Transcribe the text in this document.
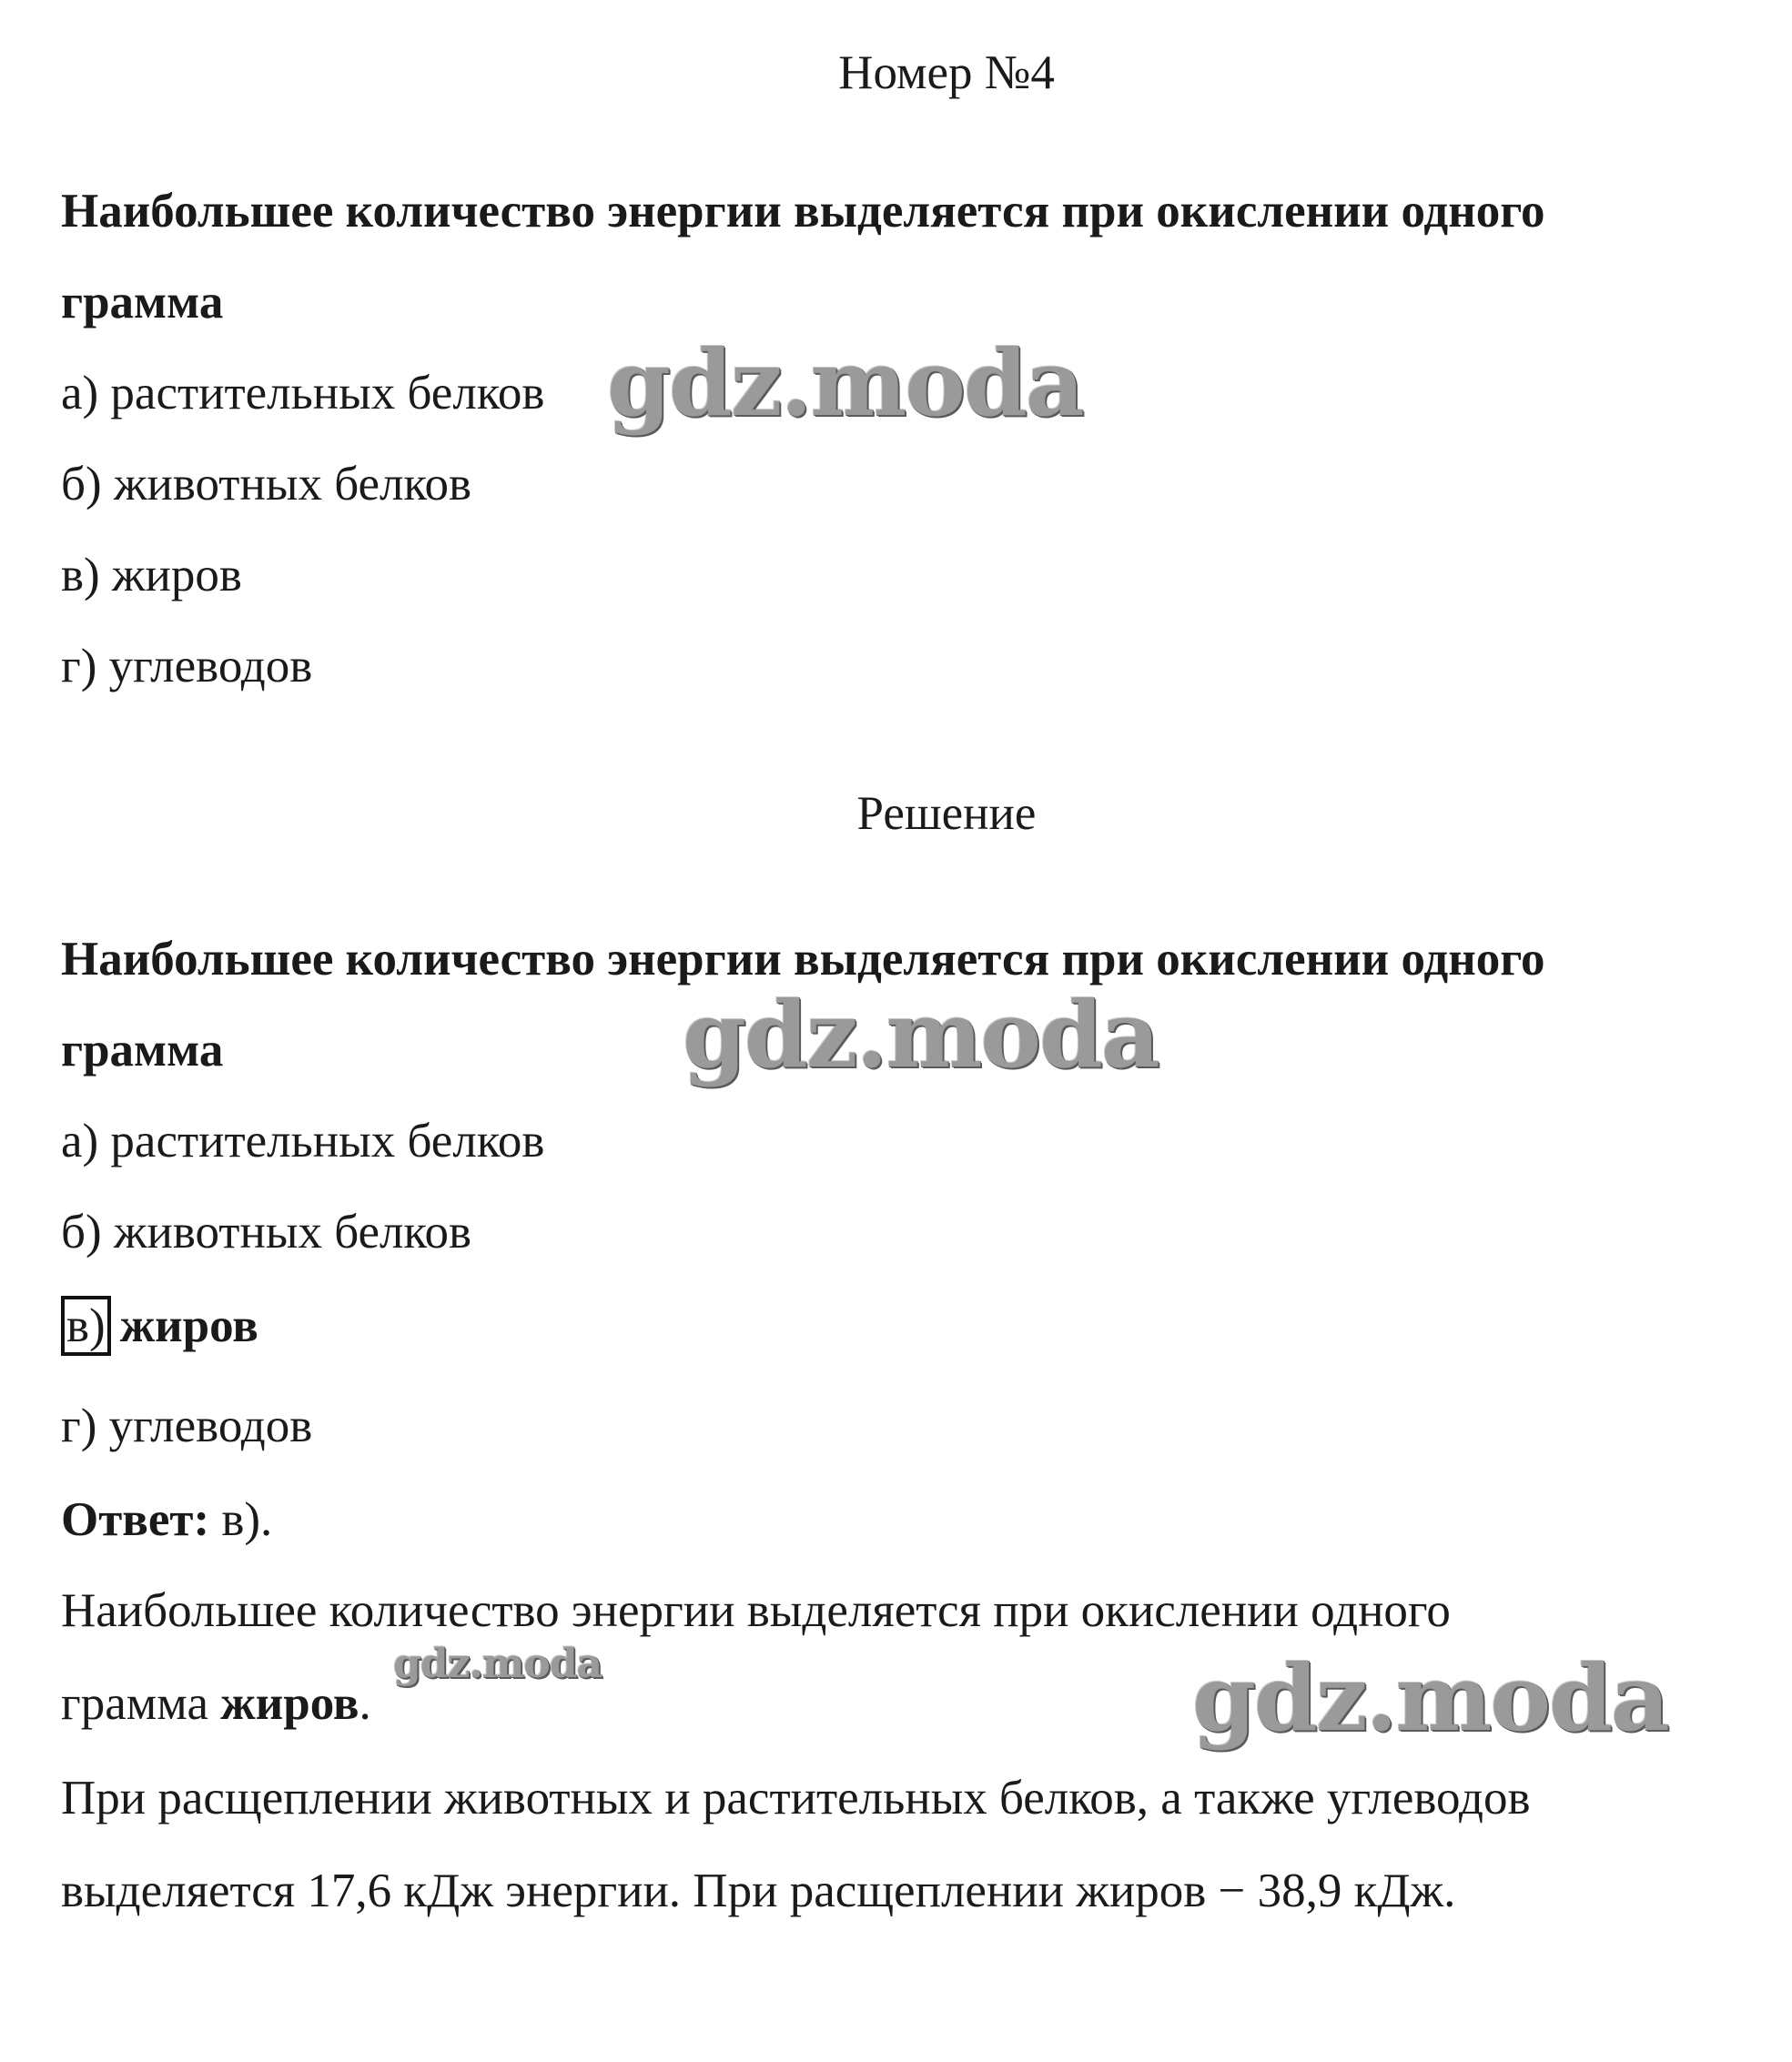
Номер №4
Наибольшее количество энергии выделяется при окислении одного
грамма
а) растительных белков
б) животных белков
в) жиров
г) углеводов
Решение
Наибольшее количество энергии выделяется при окислении одного
грамма
а) растительных белков
б) животных белков
в) жиров
г) углеводов
Ответ: в).
Наибольшее количество энергии выделяется при окислении одного
грамма жиров.
При расщеплении животных и растительных белков, а также углеводов
выделяется 17,6 кДж энергии. При расщеплении жиров − 38,9 кДж.
gdz.moda
gdz.moda
gdz.moda	gdz.moda
